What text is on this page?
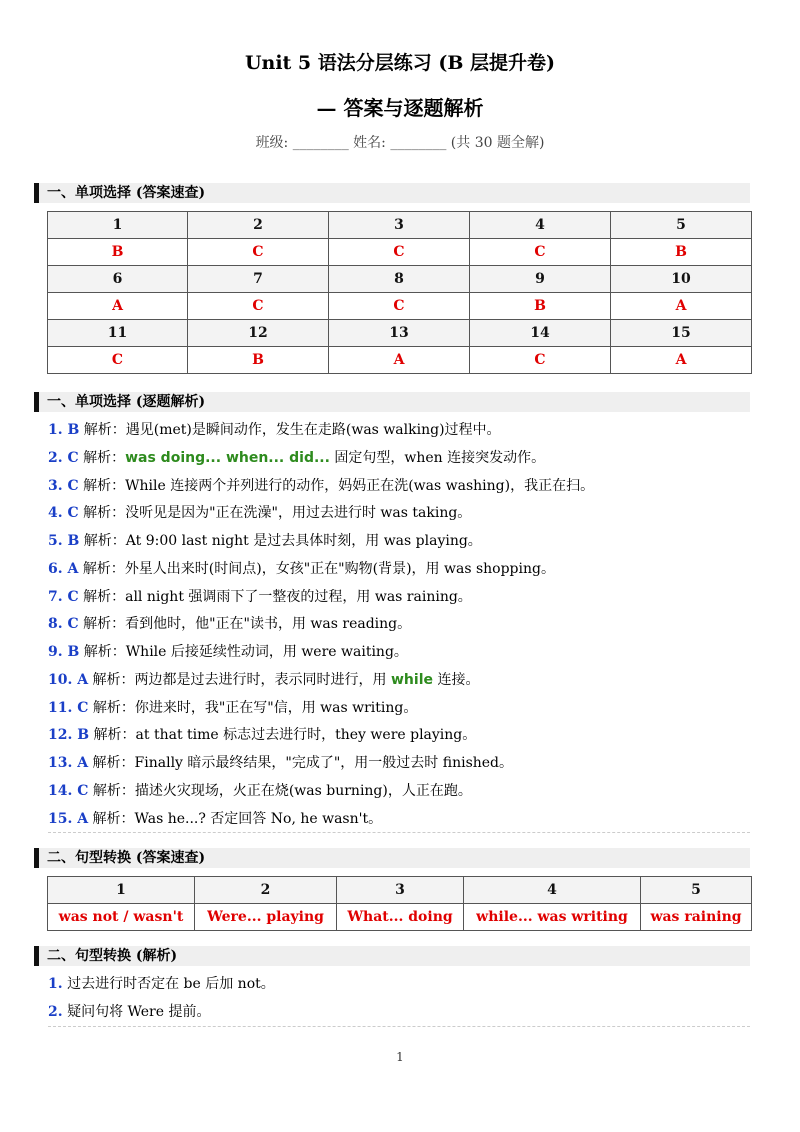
Unit 5 语法分层练习 (B 层提升卷)
— 答案与逐题解析
班级: ________ 姓名: ________ (共 30 题全解)
一、单项选择 (答案速查)
1	2	3	4	5
B	C	C	C	B
6	7	8	9	10
A	C	C	B	A
11	12	13	14	15
C	B	A	C	A
一、单项选择 (逐题解析)
1. B 解析：遇见(met)是瞬间动作，发生在走路(was walking)过程中。
2. C 解析：was doing... when... did... 固定句型，when 连接突发动作。
3. C 解析：While 连接两个并列进行的动作，妈妈正在洗(was washing)，我正在扫。
4. C 解析：没听见是因为"正在洗澡"，用过去进行时 was taking。
5. B 解析：At 9:00 last night 是过去具体时刻，用 was playing。
6. A 解析：外星人出来时(时间点)，女孩"正在"购物(背景)，用 was shopping。
7. C 解析：all night 强调雨下了一整夜的过程，用 was raining。
8. C 解析：看到他时，他"正在"读书，用 was reading。
9. B 解析：While 后接延续性动词，用 were waiting。
10. A 解析：两边都是过去进行时，表示同时进行，用 while 连接。
11. C 解析：你进来时，我"正在写"信，用 was writing。
12. B 解析：at that time 标志过去进行时，they were playing。
13. A 解析：Finally 暗示最终结果，"完成了"，用一般过去时 finished。
14. C 解析：描述火灾现场，火正在烧(was burning)，人正在跑。
15. A 解析：Was he...? 否定回答 No, he wasn't。
二、句型转换 (答案速查)
1	2	3	4	5
was not / wasn't	Were... playing	What... doing	while... was writing	was raining
二、句型转换 (解析)
1. 过去进行时否定在 be 后加 not。
2. 疑问句将 Were 提前。
1
